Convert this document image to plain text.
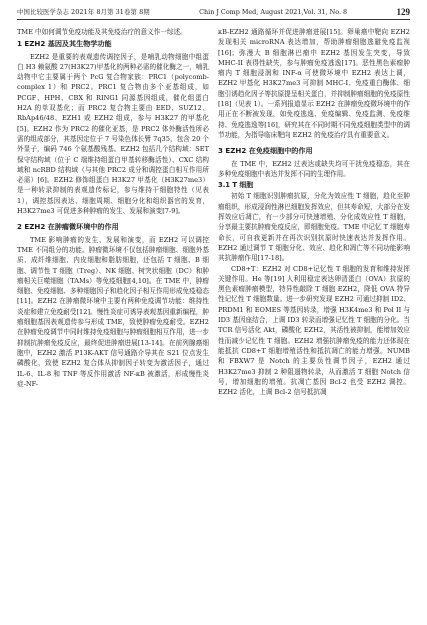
中国比较医学杂志 2021年 8月第 31卷第 8期	Chin J Comp Med, August 2021,Vol. 31, No. 8	129

TME 中如何调节免疫功能及其免疫治疗的意义作一综述。

1 EZH2 基因及其生物学功能

EZH2 是重要的表观遗传调控因子，是哺乳动物细胞中组蛋白 H3 赖氨酸 27(H3K27)甲基化的两种必需的催化酶之一，哺乳动物中它主要属于两个 PcG 复合物家族：PRC1（polycomb-complex 1）和 PRC2。PRC1 复合物由多个亚基组成，如 PCGF、HPH、CBX 和 RING1 同源基因组成，催化组蛋白 H2A 的单双基化；而 PRC2 复合物主要由 EED、SUZ12、RbAp46/48、EZH1 或 EZH2 组成，参与 H3K27 的甲基化[5]。EZH2 作为 PRC2 的催化亚基，是 PRC2 体外酶活性所必需的组成部分，其基因定位于 7 号染色体长臂 7q35，包含 20 个外显子，编码 746 个氨基酸残基。EZH2 包括几个结构域：SET 保守结构域（位于 C 端维持组蛋白甲基转移酶活性）、CXC 结构域和 ncRBD 结构域（与其他 PRC2 成分和调控蛋白相互作用所必需）[6]。EZH2 修饰组蛋白 H3K27 甲基化（H3K27me3）是一种转录抑制的表观遗传标记，参与维持干细胞特性（见表 1），调控基因表达、细胞周期、细胞分化和组织器官的发育，H3K27me3 可促进多种肿瘤的发生、发展和演变[7-9]。

2 EZH2 在肿瘤微环境中的作用

TME 影响肿瘤的发生、发展和演变，而 EZH2 可以调控 TME 不同组分的功能。肿瘤微环境不仅包括肿瘤细胞、细胞外基质、成纤维细胞、内皮细胞和脂肪细胞，还包括 T 细胞、B 细胞、调节性 T 细胞（Treg）、NK 细胞、树突状细胞（DC）和肿瘤相关巨噬细胞（TAMs）等免疫细胞[4,10]。在 TME 中，肿瘤细胞、免疫细胞、多种细胞因子和趋化因子相互作用形成免疫稳态[11]。EZH2 在肿瘤微环境中主要有两种免疫调节功能：维持性炎症和建立免疫耐受[12]。慢性炎症可诱导表观基因重新编程，肿瘤细胞基因表观遗传参与形成 TME，致使肿瘤免疫耐受。EZH2 在肿瘤免疫调节中同时维持免疫细胞与肿瘤细胞相互作用，进一步抑制抗肿瘤免疫反应，最终促进肿瘤进展[13-14]。在前列腺癌细胞中，EZH2 激活 P13K-AKT 信号通路介导其在 S21 位点发生磷酸化，致使 EZH2 复合体从抑制因子转变为激活因子，通过 IL-6、IL-8 和 TNF 等反作用激活 NF-κB 被激活，形成慢性炎症-NF-

κB-EZH2 通路循环并促进肿瘤进展[15]。卵巢癌中靶向 EZH2 发现相关 microRNA 表达增加，帮助肿瘤细胞逃避免疫监视[16]；弥漫大 B 细胞淋巴瘤中 EZH2 基因发生突变，导致 MHC-II 表得性缺失，参与肿瘤免疫逃逸[17]。恶性黑色素瘤肿瘤内 T 细胞浸润和 INF-α 可使微环境中 EZH2 表达上调，EZH2 甲基化 H3K27me3 可抑制 MHC-I、免疫重白酶体、细胞引诱趋化因子等抗原提呈相关蛋白，并抑制肿瘤细胞的免疫原性[18]（见表 1）。一系列报道显示 EZH2 在肿瘤免疫微环境中的作用正在不断被发现，如免疫逃逸、免疫编辑、免疫监测、免疫维持、免疫逃逸等[16]，研究其在不同时期不同免疫细胞类型中的调节功能，为指导临床靶向 EZH2 的免疫治疗具有重要意义。

3 EZH2 在免疫细胞中的作用

在 TME 中，EZH2 过表达或缺失均可干扰免疫稳态，其在多种免疫细胞中表达并发挥不同的生理作用。

3.1 T 细胞

初始 T 细胞识别肿瘤抗原，分化为效应性 T 细胞，趋化至肿瘤组织，形成浸润性淋巴细胞发挥效应，但其寿命短，大部分在发挥效应后凋亡，有一少部分可快速增殖、分化成效应性 T 细胞，分享最主要抗肿瘤免疫反应，即细胞免疫。TME 中记忆 T 细胞寿命长，可自我更新并在再次识别抗原时快速表达并发挥作用。EZH2 通过调节 T 细胞分化、效应、趋化和凋亡等不同功能影响其抗肿瘤作用[17-18]。

CD8+T：EZH2 对 CD8+记忆性 T 细胞的发育和维持发挥关键作用。He 等[19] 人利用稳定表达卵清蛋白（OVA）抗原的黑色素瘤肿瘤模型，特异性敲除 T 细胞 EZH2，降低 OVA 特异性记忆性 T 细胞数量。进一步研究发现 EZH2 可通过抑制 ID2、PRDM1 和 EOMES 等基因转录，增强 H3K4me3 和 Pol II 与 ID3 基因座结合，上调 ID3 转录而增强记忆性 T 细胞的分化。当 TCR 信号活化 Akt，磷酸化 EZH2，其活性被抑制，能增加效应性而减少记忆性 T 细胞。EZH2 增强抗肿瘤免疫的能力还体现在能抵抗 CD8+T 细胞增殖活性和抵抗凋亡的能力增强。NUMB 和 FBXW7 是 Notch 的主要负性调节因子，EZH2 通过 H3K27me3 抑制 2 种阻遏物转录，从而激活 T 细胞 Notch 信号，增加细胞的增殖。抗凋亡基因 Bcl-2 也受 EZH2 调控。EZH2 活化，上调 Bcl-2 信号抵抗凋
